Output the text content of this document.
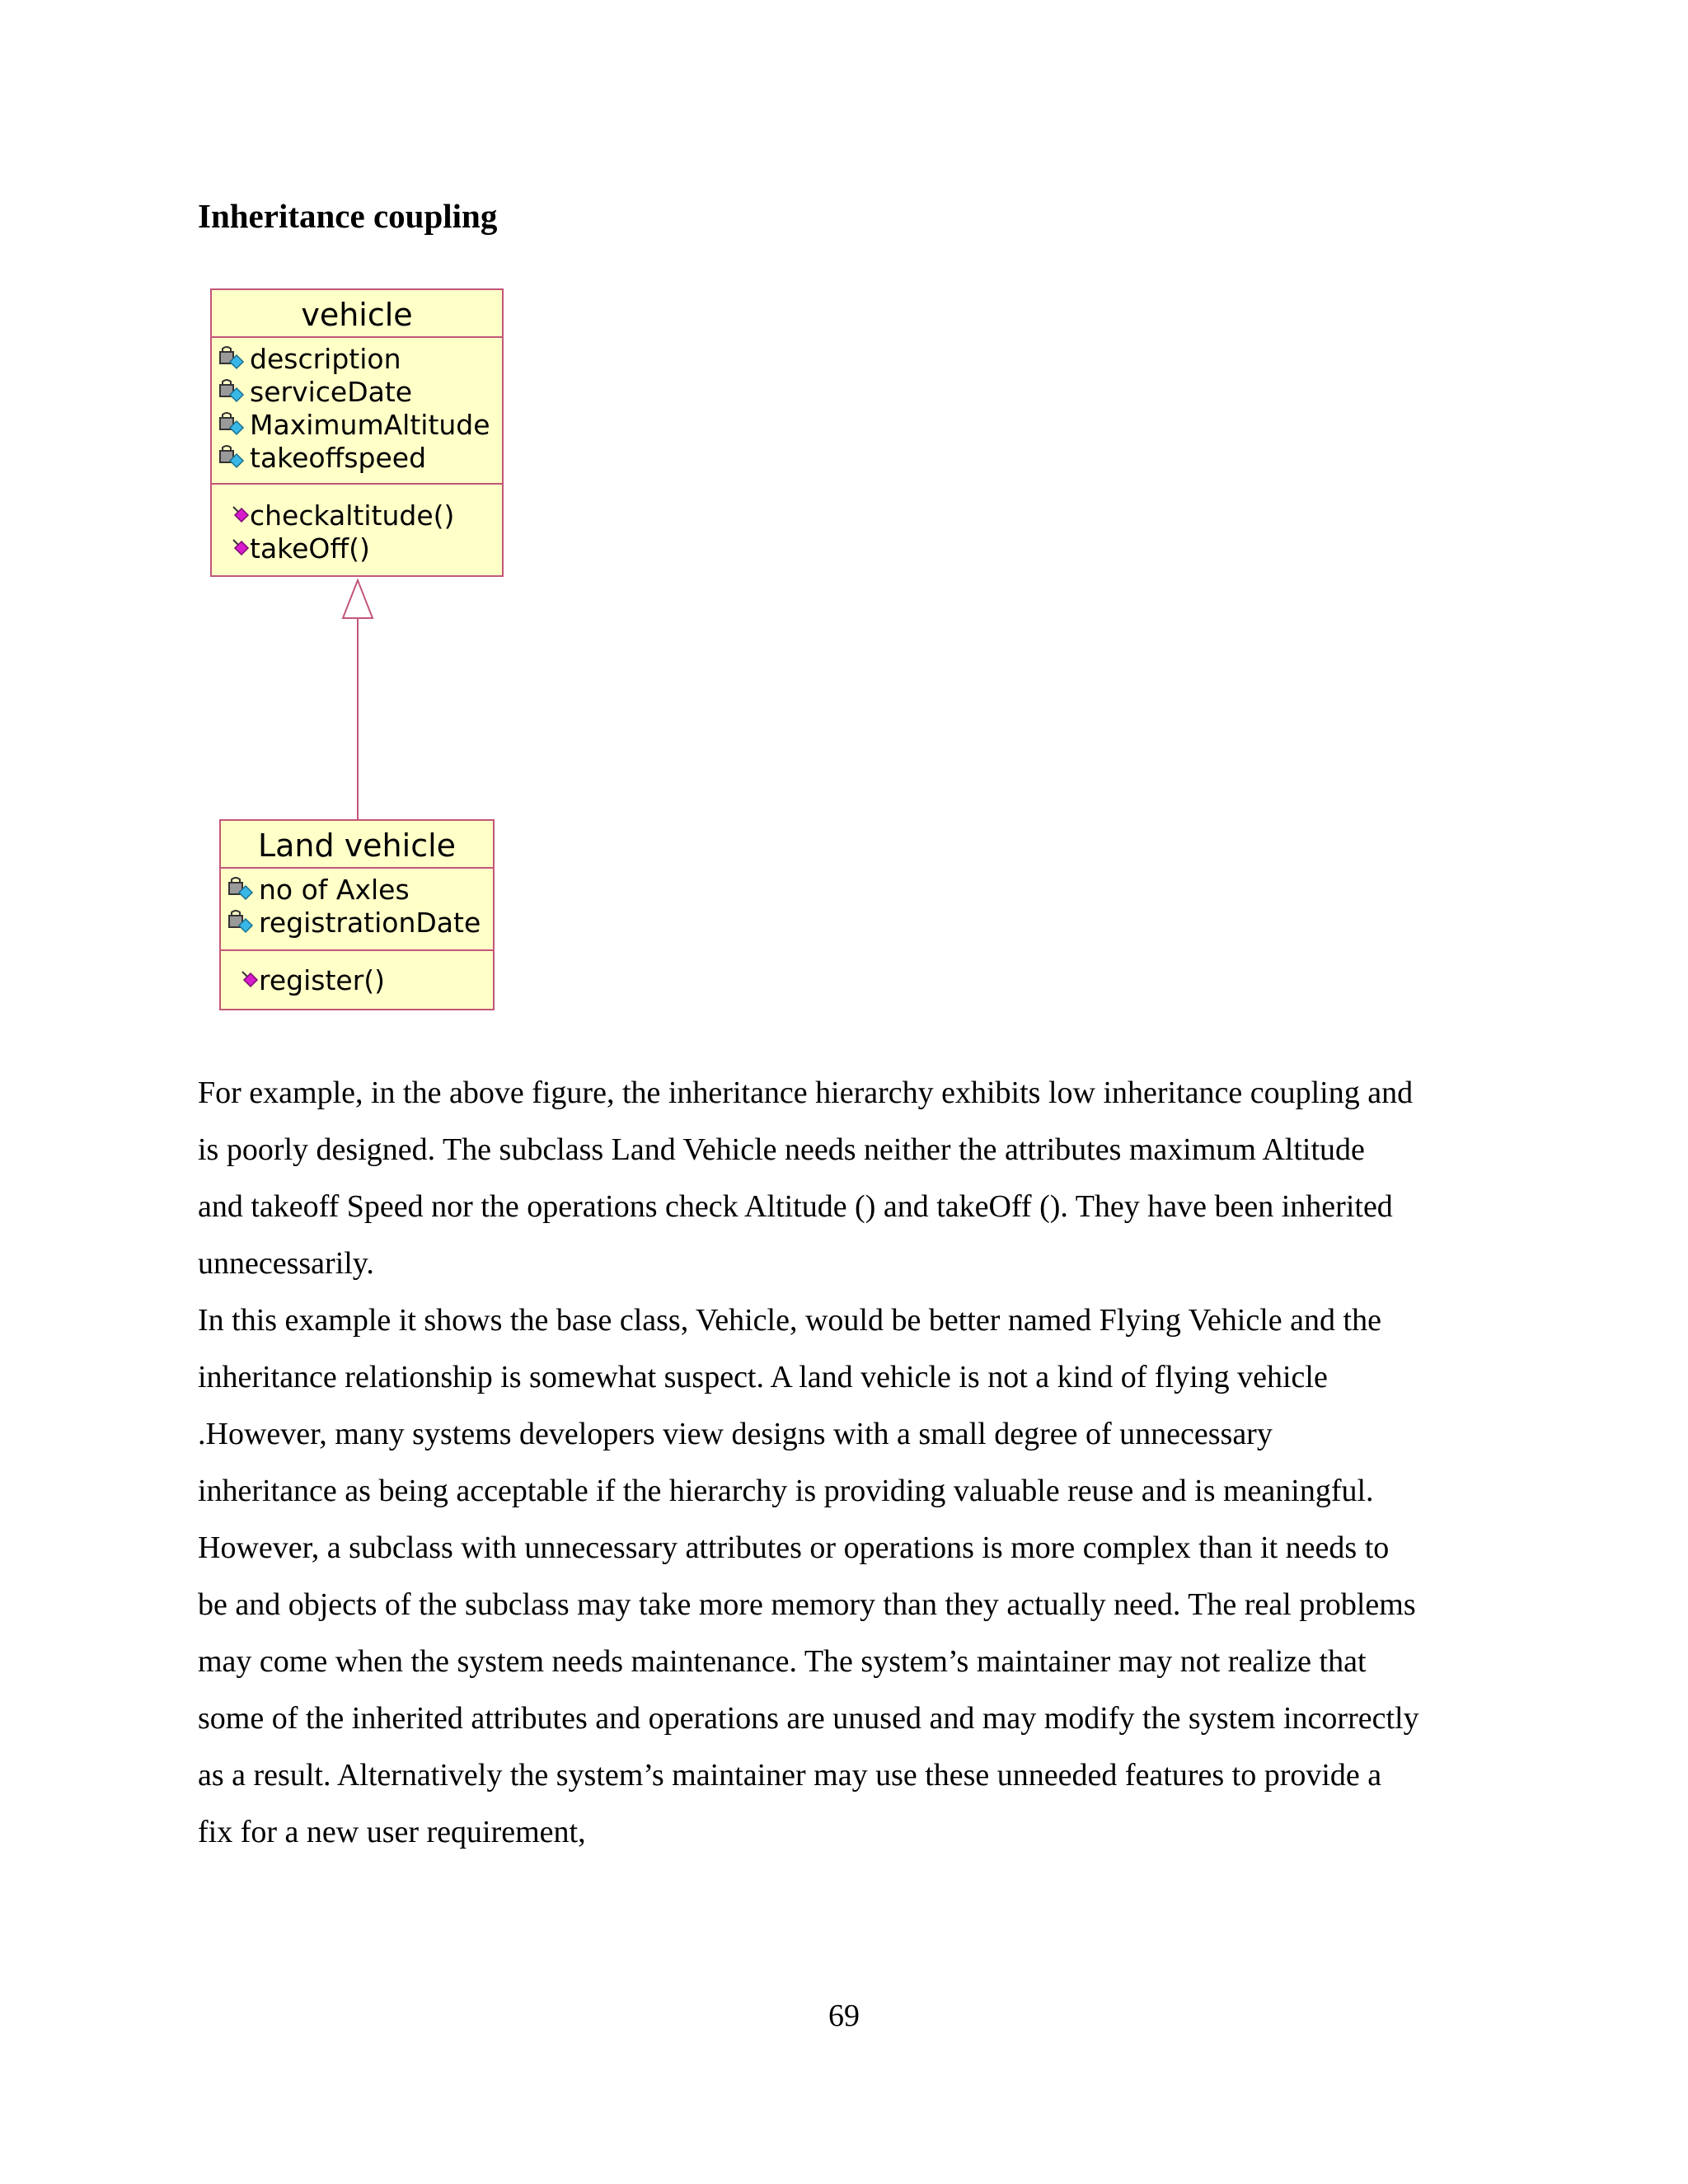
Inheritance coupling
vehicle
description
serviceDate
MaximumAltitude
takeoffspeed
checkaltitude()
takeOff()
Land vehicle
no of Axles
registrationDate
register()
For example, in the above figure, the inheritance hierarchy exhibits low inheritance coupling and
is poorly designed. The subclass Land Vehicle needs neither the attributes maximum Altitude
and takeoff Speed nor the operations check Altitude () and takeOff (). They have been inherited
unnecessarily.
In this example it shows the base class, Vehicle, would be better named Flying Vehicle and the
inheritance relationship is somewhat suspect. A land vehicle is not a kind of flying vehicle
.However, many systems developers view designs with a small degree of unnecessary
inheritance as being acceptable if the hierarchy is providing valuable reuse and is meaningful.
However, a subclass with unnecessary attributes or operations is more complex than it needs to
be and objects of the subclass may take more memory than they actually need. The real problems
may come when the system needs maintenance. The system’s maintainer may not realize that
some of the inherited attributes and operations are unused and may modify the system incorrectly
as a result. Alternatively the system’s maintainer may use these unneeded features to provide a
fix for a new user requirement,
69
